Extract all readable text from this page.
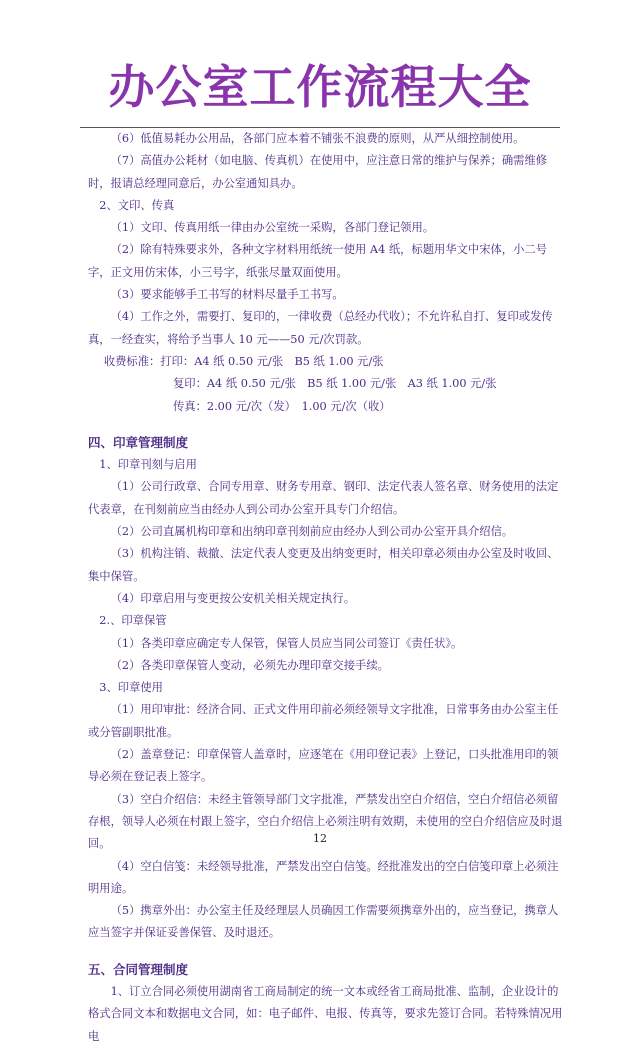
办公室工作流程大全

（6）低值易耗办公用品，各部门应本着不铺张不浪费的原则，从严从细控制使用。

（7）高值办公耗材（如电脑、传真机）在使用中，应注意日常的维护与保养；确需维修时，报请总经理同意后，办公室通知具办。

2、文印、传真

（1）文印、传真用纸一律由办公室统一采购，各部门登记领用。

（2）除有特殊要求外，各种文字材料用纸统一使用 A4 纸，标题用华文中宋体，小二号字，正文用仿宋体，小三号字，纸张尽量双面使用。

（3）要求能够手工书写的材料尽量手工书写。

（4）工作之外，需要打、复印的，一律收费（总经办代收）；不允许私自打、复印或发传真，一经查实，将给予当事人 10 元——50 元/次罚款。

收费标准：打印：A4 纸 0.50 元/张　B5 纸 1.00 元/张

复印：A4 纸 0.50 元/张　B5 纸 1.00 元/张　A3 纸 1.00 元/张

传真：2.00 元/次（发）　1.00 元/次（收）

四、印章管理制度

1、印章刊刻与启用

（1）公司行政章、合同专用章、财务专用章、钢印、法定代表人签名章、财务使用的法定代表章，在刊刻前应当由经办人到公司办公室开具专门介绍信。

（2）公司直属机构印章和出纳印章刊刻前应由经办人到公司办公室开具介绍信。

（3）机构注销、裁撤、法定代表人变更及出纳变更时，相关印章必须由办公室及时收回、集中保管。

（4）印章启用与变更按公安机关相关规定执行。

2.、印章保管

（1）各类印章应确定专人保管，保管人员应当同公司签订《责任状》。

（2）各类印章保管人变动，必须先办理印章交接手续。

3、印章使用

（1）用印审批：经济合同、正式文件用印前必须经领导文字批准，日常事务由办公室主任或分管副职批准。

（2）盖章登记：印章保管人盖章时，应逐笔在《用印登记表》上登记，口头批准用印的领导必须在登记表上签字。

（3）空白介绍信：未经主管领导部门文字批准，严禁发出空白介绍信，空白介绍信必须留存根，领导人必须在村跟上签字，空白介绍信上必须注明有效期，未使用的空白介绍信应及时退回。

（4）空白信笺：未经领导批准，严禁发出空白信笺。经批准发出的空白信笺印章上必须注明用途。

（5）携章外出：办公室主任及经理层人员确因工作需要须携章外出的，应当登记，携章人应当签字并保证妥善保管、及时退还。

五、合同管理制度

1、订立合同必须使用湖南省工商局制定的统一文本或经省工商局批准、监制，企业设计的格式合同文本和数据电文合同，如：电子邮件、电报、传真等，要求先签订合同。若特殊情况用电

12
